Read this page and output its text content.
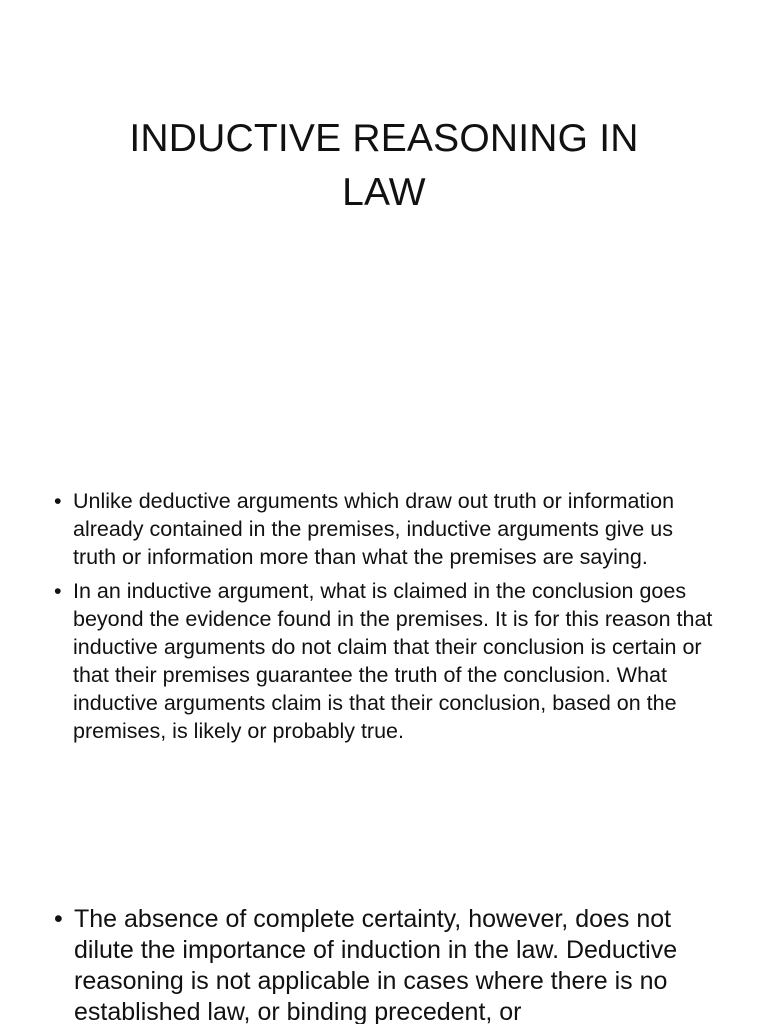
INDUCTIVE REASONING IN LAW
• Unlike deductive arguments which draw out truth or information already contained in the premises, inductive arguments give us truth or information more than what the premises are saying.
• In an inductive argument, what is claimed in the conclusion goes beyond the evidence found in the premises. It is for this reason that inductive arguments do not claim that their conclusion is certain or that their premises guarantee the truth of the conclusion. What inductive arguments claim is that their conclusion, based on the premises, is likely or probably true.
• The absence of complete certainty, however, does not dilute the importance of induction in the law. Deductive reasoning is not applicable in cases where there is no established law, or binding precedent, or
